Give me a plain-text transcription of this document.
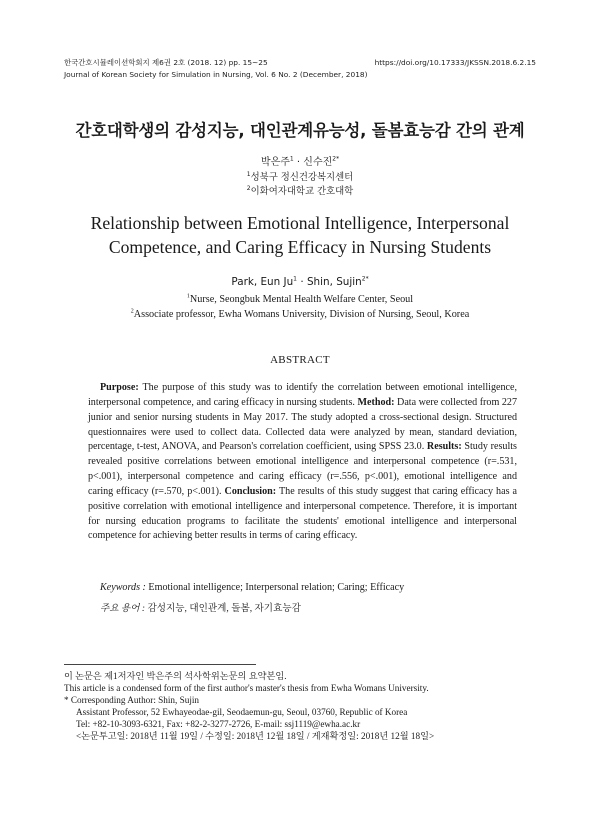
한국간호시뮬레이션학회지 제6권 2호 (2018. 12) pp. 15~25	https://doi.org/10.17333/JKSSN.2018.6.2.15
Journal of Korean Society for Simulation in Nursing, Vol. 6 No. 2 (December, 2018)
간호대학생의 감성지능, 대인관계유능성, 돌봄효능감 간의 관계
박은주$^1$ · 신수진$^{2*}$
$^1$성북구 정신건강복지센터
$^2$이화여자대학교 간호대학
Relationship between Emotional Intelligence, Interpersonal
Competence, and Caring Efficacy in Nursing Students
Park, Eun $Ju^1$ · Shin, Sujin$^{2*}$
$^1$Nurse, Seongbuk Mental Health Welfare Center, Seoul
$^2$Associate professor, Ewha Womans University, Division of Nursing, Seoul, Korea
ABSTRACT
Purpose: The purpose of this study was to identify the correlation between emotional intelligence, interpersonal competence, and caring efficacy in nursing students. Method: Data were collected from 227 junior and senior nursing students in May 2017. The study adopted a cross-sectional design. Structured questionnaires were used to collect data. Collected data were analyzed by mean, standard deviation, percentage, t-test, ANOVA, and Pearson's correlation coefficient, using SPSS 23.0. Results: Study results revealed positive correlations between emotional intelligence and interpersonal competence (r=.531, p<.001), interpersonal competence and caring efficacy (r=.556, p<.001), emotional intelligence and caring efficacy (r=.570, p<.001). Conclusion: The results of this study suggest that caring efficacy has a positive correlation with emotional intelligence and interpersonal competence. Therefore, it is important for nursing education programs to facilitate the students' emotional intelligence and interpersonal competence for achieving better results in terms of caring efficacy.
Keywords : Emotional intelligence; Interpersonal relation; Caring; Efficacy
주요 용어 : 감성지능, 대인관계, 돌봄, 자기효능감
이 논문은 제1저자인 박은주의 석사학위논문의 요약본임.
This article is a condensed form of the first author's master's thesis from Ewha Womans University.
* Corresponding Author: Shin, Sujin
Assistant Professor, 52 Ewhayeodae-gil, Seodaemun-gu, Seoul, 03760, Republic of Korea
Tel: +82-10-3093-6321, Fax: +82-2-3277-2726, E-mail: ssj1119@ewha.ac.kr
<논문투고일: 2018년 11월 19일 / 수정일: 2018년 12월 18일 / 게재확정일: 2018년 12월 18일>
